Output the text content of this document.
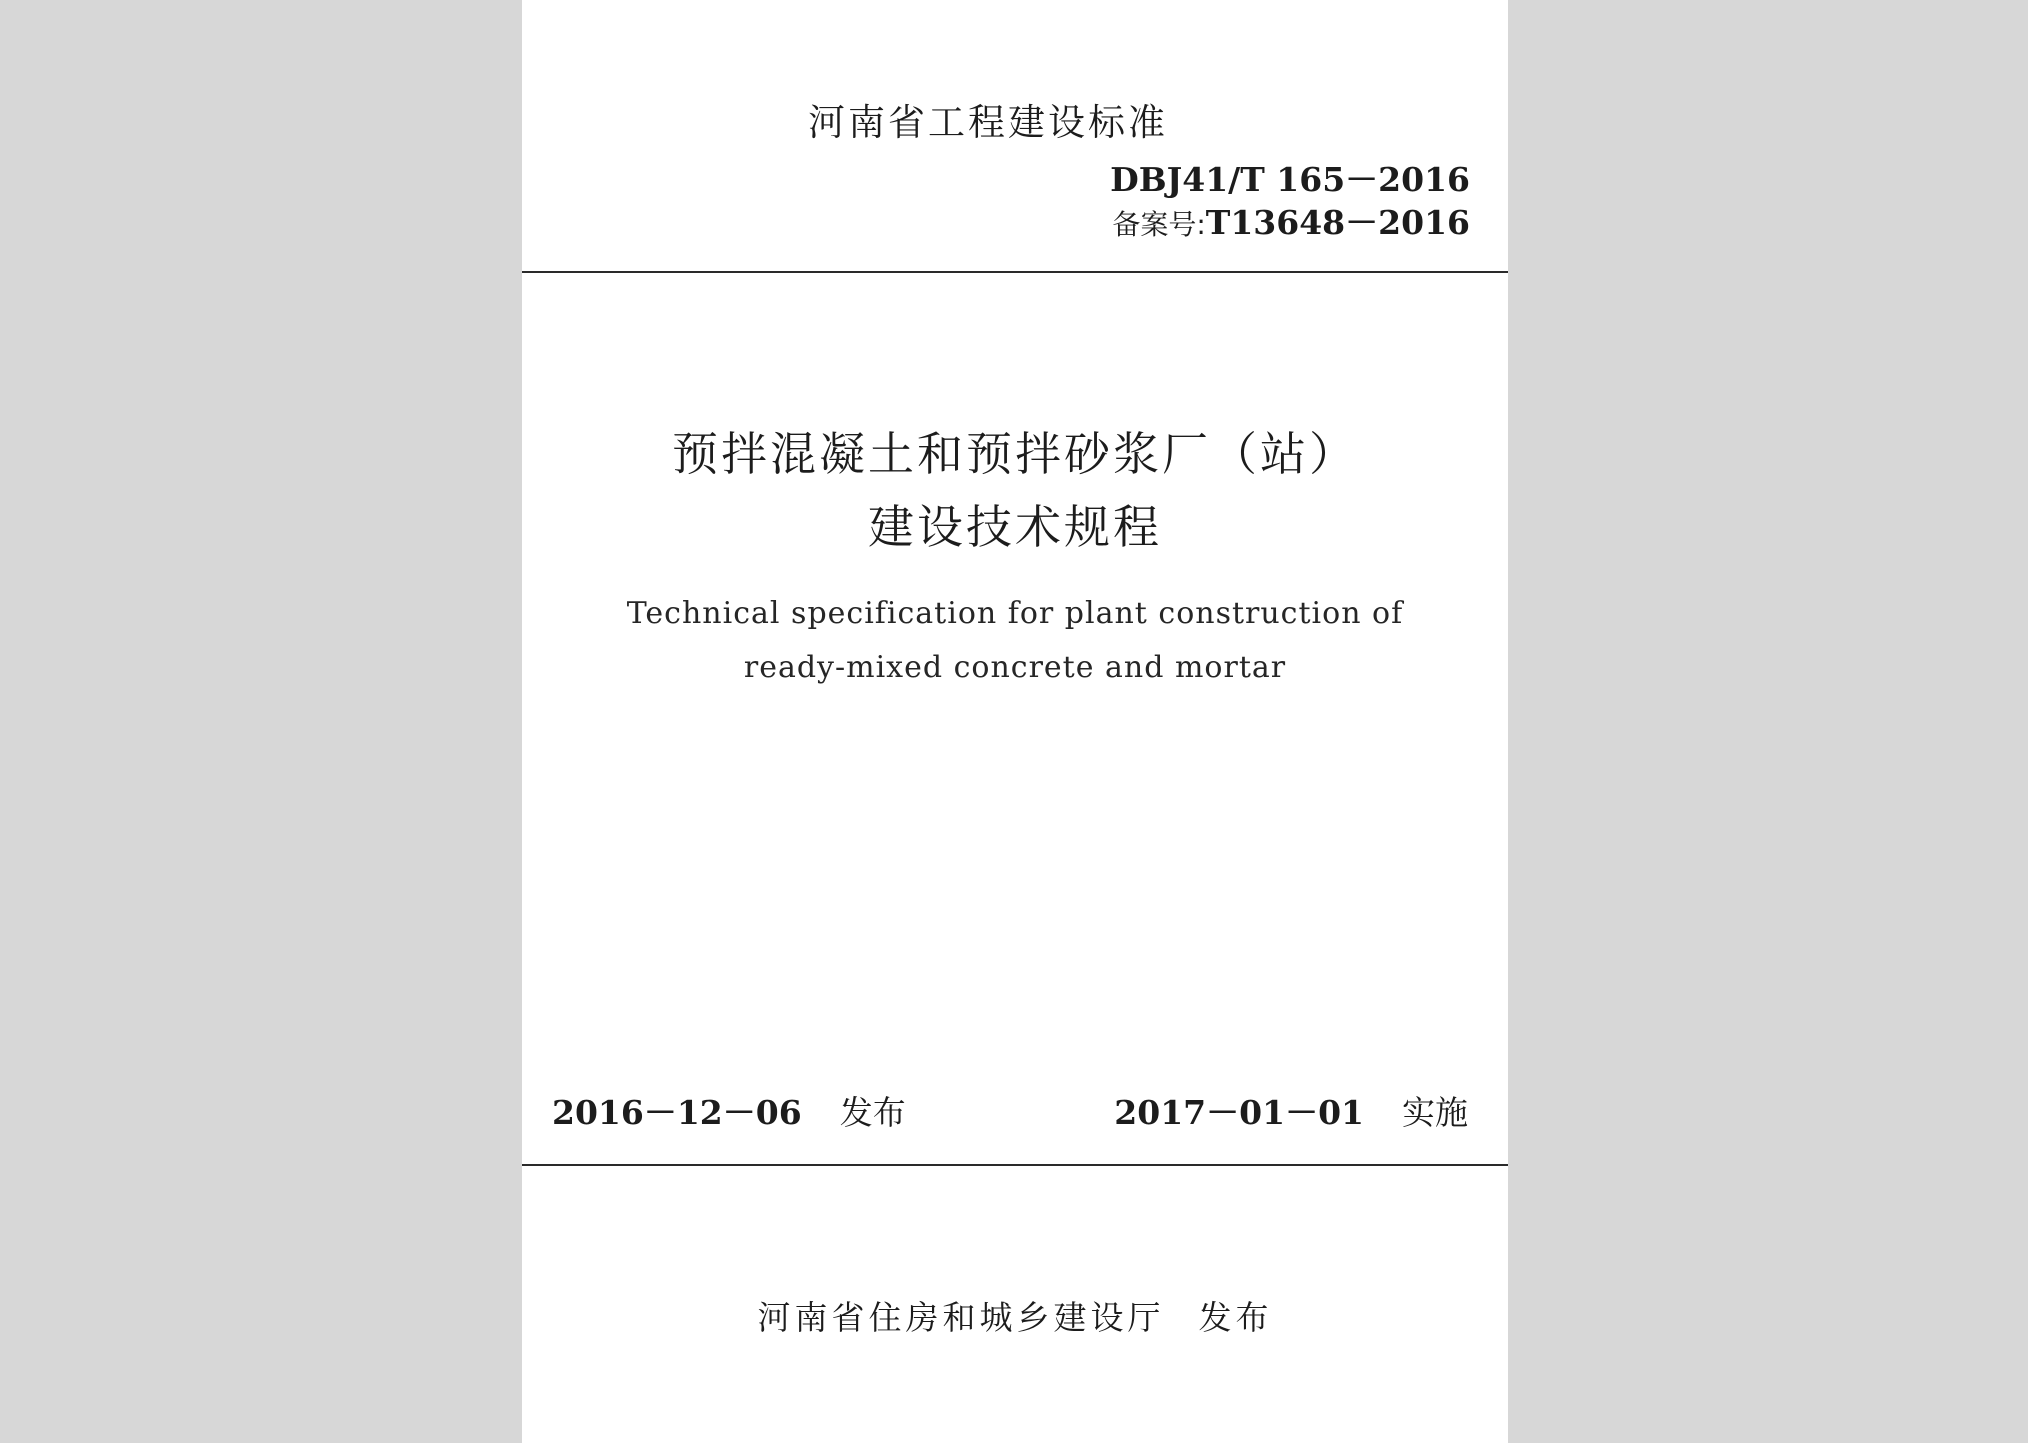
河南省工程建设标准
DBJ41/T 165－2016
备案号:T13648－2016
预拌混凝土和预拌砂浆厂（站）
建设技术规程
Technical specification for plant construction of
ready-mixed concrete and mortar
2016－12－06 发布	2017－01－01 实施
河南省住房和城乡建设厅 发布
